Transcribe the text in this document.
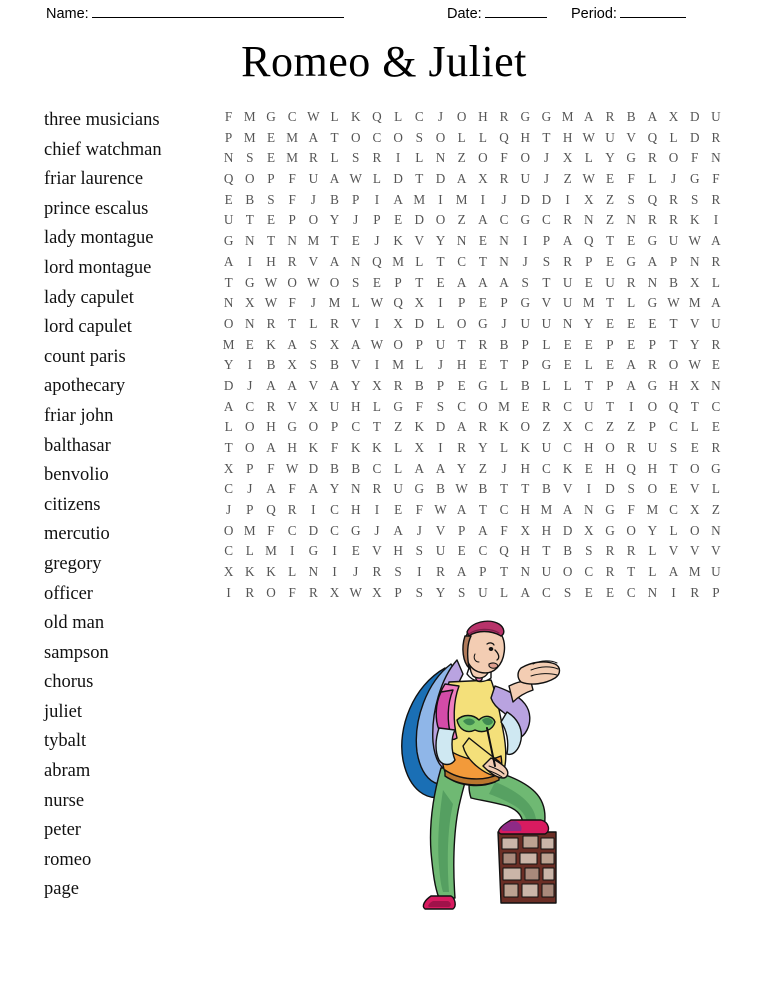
Name:	Date:	Period:
Romeo & Juliet
three musicians
chief watchman
friar laurence
prince escalus
lady montague
lord montague
lady capulet
lord capulet
count paris
apothecary
friar john
balthasar
benvolio
citizens
mercutio
gregory
officer
old man
sampson
chorus
juliet
tybalt
abram
nurse
peter
romeo
page
F M G C W L K Q L C	J	O H R G G M A R B A X D U
P M E M A T O C O S O L L Q H T H W U V Q L D R
N S	E M R L	S R	I	L N Z O F O	J	X L Y G R O F N
Q O P	F U A W L D T D A X R U	J	Z W E	F	L	J	G F
E B S	F	J	B P	I	A M I M I	J	D D	I	X Z	S Q R S R
U T E	P O Y	J	P	E D O Z A C G C R N Z N R R K	I
G N T N M T E	J	K V Y N E N	I	P A Q T E G U W A
A	I	H R V A N Q M L T C T N	J	S R P	E G A P N R
T G W O W O S	E	P	T E A A A S	T U E U R N B X L
N X W F	J M L W Q X	I	P	E	P G V U M T L G W M A
O N R T L R V	I	X D L O G	J	U U N Y E E E T V U
M E K A S X A W O P U T R B P	L E E	P	E	P	T Y R
Y	I	B X S B V	I M L	J	H E T	P G E L E A R O W E
D	J	A A V A Y X R B P	E G L B L L T	P A G H X N
A C R V X U H L G F	S C O M E R C U T	I	O Q T C
L O H G O P C T Z K D A R K O Z X C Z Z	P C L E
T O A H K F K K L X	I	R Y L K U C H O R U S	E R
X P	F W D B B C L A A Y Z	J	H C K E H Q H T O G
C	J	A F A Y N R U G B W B T T B V	I	D S O E V L
J	P Q R	I	C H	I	E	F W A T C H M A N G F M C X Z
O M F C D C G	J	A	J	V P A F X H D X G O Y L O N
C L M I	G	I	E V H S U E C Q H T B S R R L V V V
X K K L N	I	J	R S	I	R A P	T N U O C R T L A M U
I	R O F R X W X P	S Y S U L A C S	E E C N	I	R P
